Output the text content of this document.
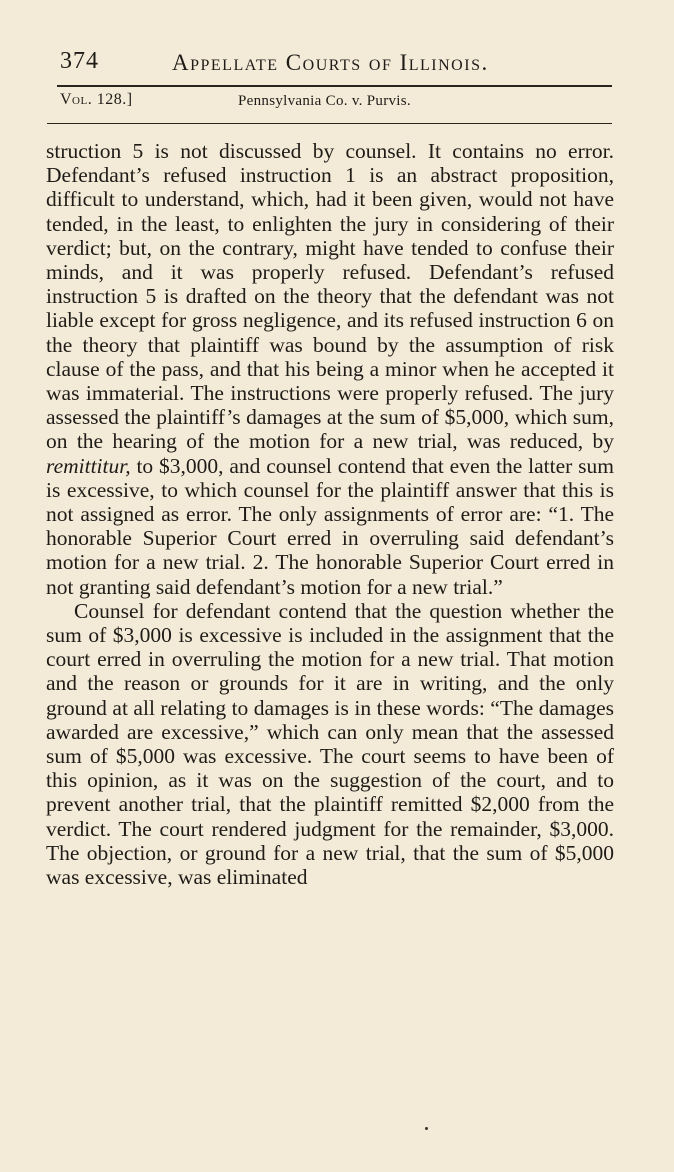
374	Appellate Courts of Illinois.
Vol. 128.]	Pennsylvania Co. v. Purvis.

struction 5 is not discussed by counsel. It contains no error. Defendant’s refused instruction 1 is an abstract proposition, difficult to understand, which, had it been given, would not have tended, in the least, to enlighten the jury in considering of their verdict; but, on the contrary, might have tended to confuse their minds, and it was properly refused. Defendant’s refused instruction 5 is drafted on the theory that the defendant was not liable except for gross negligence, and its refused instruction 6 on the theory that plaintiff was bound by the assumption of risk clause of the pass, and that his being a minor when he accepted it was immaterial. The instructions were properly refused. The jury assessed the plaintiff’s damages at the sum of $5,000, which sum, on the hearing of the motion for a new trial, was reduced, by remittitur, to $3,000, and counsel contend that even the latter sum is excessive, to which counsel for the plaintiff answer that this is not assigned as error. The only assignments of error are: “1. The honorable Superior Court erred in overruling said defendant’s motion for a new trial. 2. The honorable Superior Court erred in not granting said defendant’s motion for a new trial.”

Counsel for defendant contend that the question whether the sum of $3,000 is excessive is included in the assignment that the court erred in overruling the motion for a new trial. That motion and the reason or grounds for it are in writing, and the only ground at all relating to damages is in these words: “The damages awarded are excessive,” which can only mean that the assessed sum of $5,000 was excessive. The court seems to have been of this opinion, as it was on the suggestion of the court, and to prevent another trial, that the plaintiff remitted $2,000 from the verdict. The court rendered judgment for the remainder, $3,000. The objection, or ground for a new trial, that the sum of $5,000 was excessive, was eliminated
